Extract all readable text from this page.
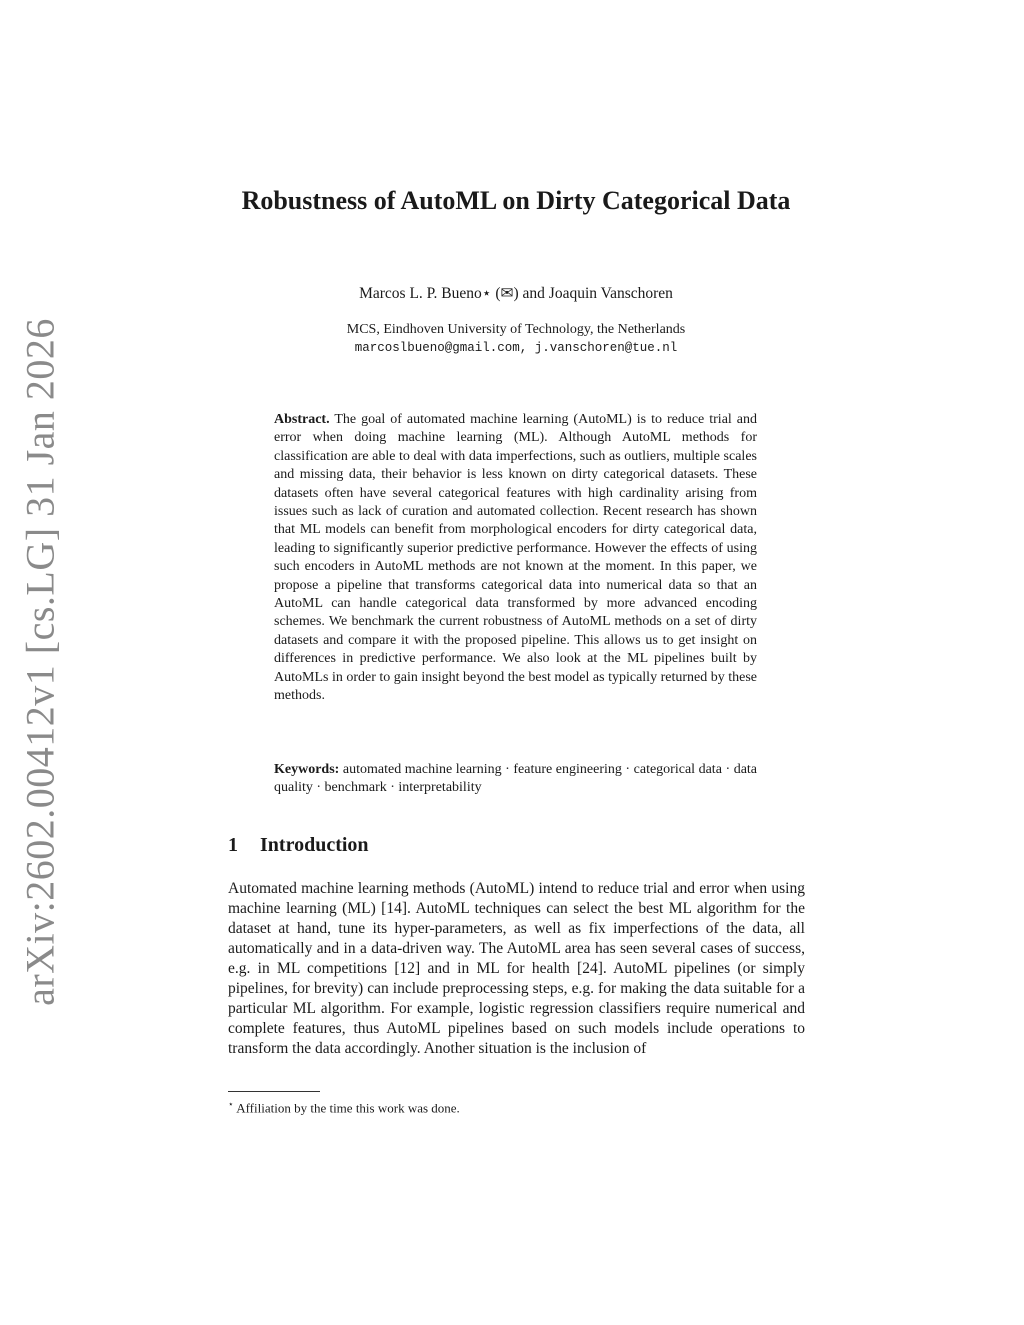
arXiv:2602.00412v1 [cs.LG] 31 Jan 2026
Robustness of AutoML on Dirty Categorical Data
Marcos L. P. Bueno⋆ (✉) and Joaquin Vanschoren
MCS, Eindhoven University of Technology, the Netherlands
marcoslbueno@gmail.com, j.vanschoren@tue.nl

Abstract. The goal of automated machine learning (AutoML) is to reduce trial and error when doing machine learning (ML). Although AutoML methods for classification are able to deal with data imperfections, such as outliers, multiple scales and missing data, their behavior is less known on dirty categorical datasets. These datasets often have several categorical features with high cardinality arising from issues such as lack of curation and automated collection. Recent research has shown that ML models can benefit from morphological encoders for dirty categorical data, leading to significantly superior predictive performance. However the effects of using such encoders in AutoML methods are not known at the moment. In this paper, we propose a pipeline that transforms categorical data into numerical data so that an AutoML can handle categorical data transformed by more advanced encoding schemes. We benchmark the current robustness of AutoML methods on a set of dirty datasets and compare it with the proposed pipeline. This allows us to get insight on differences in predictive performance. We also look at the ML pipelines built by AutoMLs in order to gain insight beyond the best model as typically returned by these methods.

Keywords: automated machine learning · feature engineering · categorical data · data quality · benchmark · interpretability

1 Introduction

Automated machine learning methods (AutoML) intend to reduce trial and error when using machine learning (ML) [14]. AutoML techniques can select the best ML algorithm for the dataset at hand, tune its hyper-parameters, as well as fix imperfections of the data, all automatically and in a data-driven way. The AutoML area has seen several cases of success, e.g. in ML competitions [12] and in ML for health [24]. AutoML pipelines (or simply pipelines, for brevity) can include preprocessing steps, e.g. for making the data suitable for a particular ML algorithm. For example, logistic regression classifiers require numerical and complete features, thus AutoML pipelines based on such models include operations to transform the data accordingly. Another situation is the inclusion of

⋆ Affiliation by the time this work was done.
